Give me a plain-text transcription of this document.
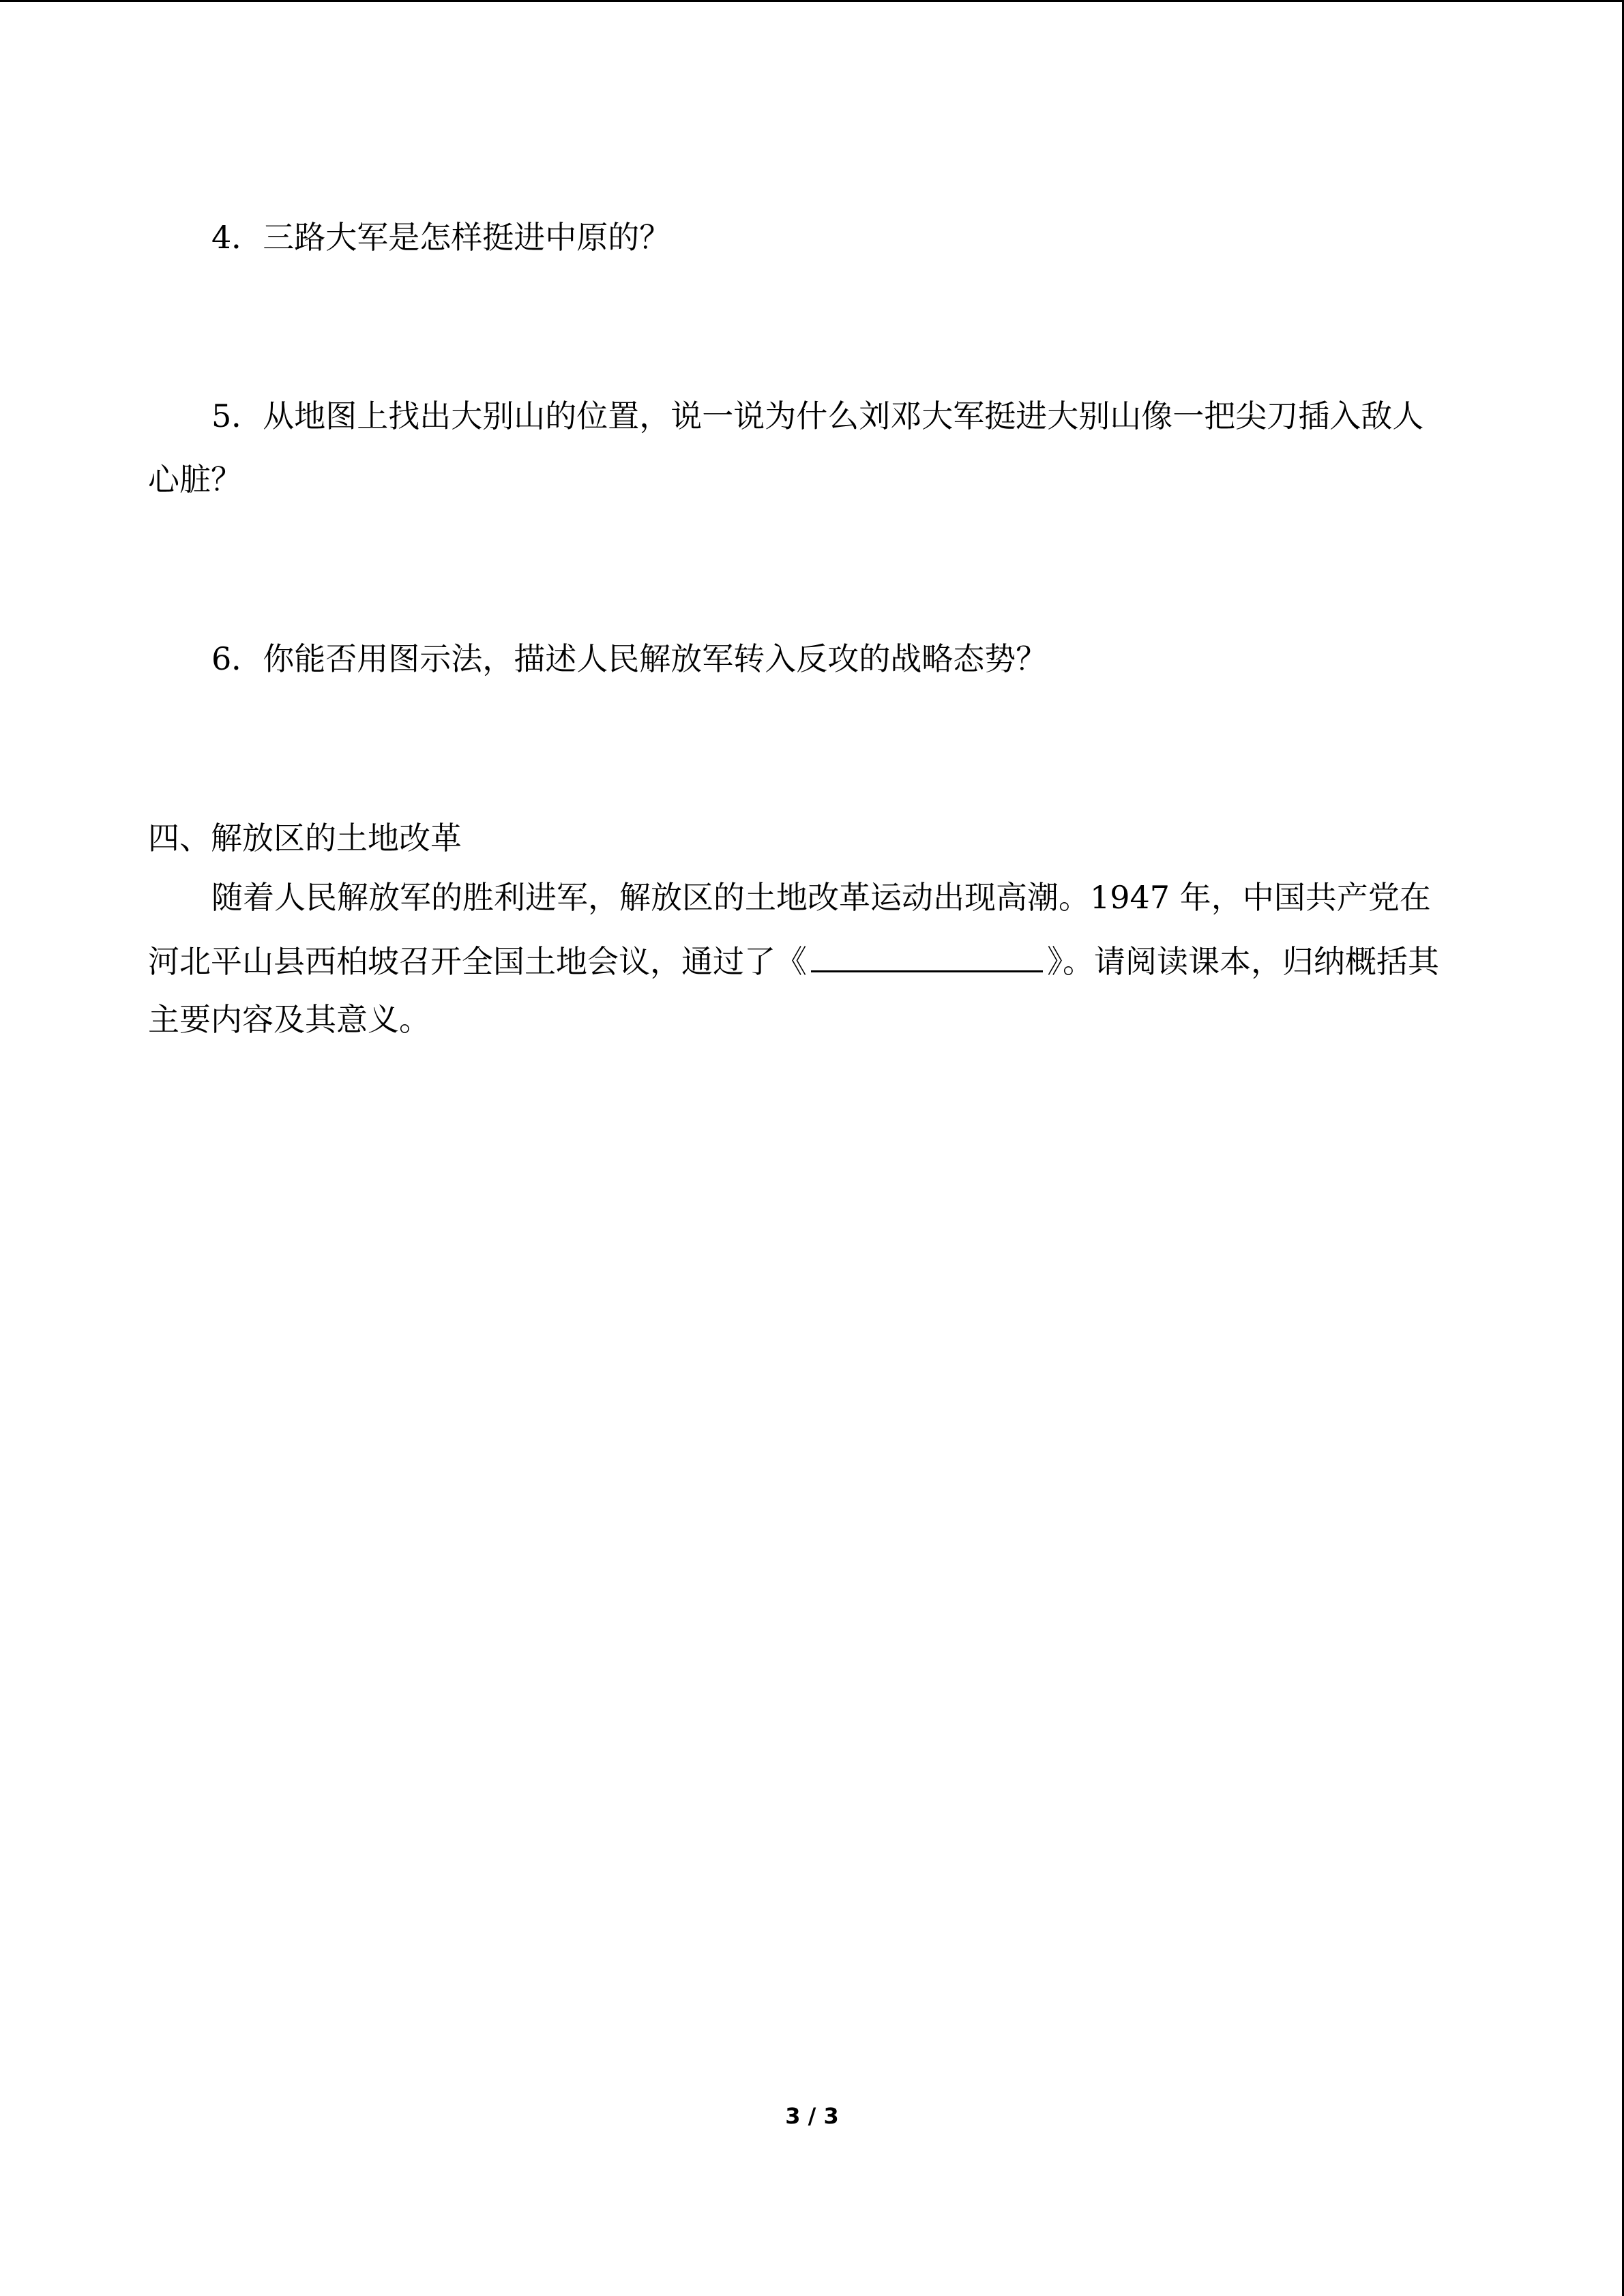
4．三路大军是怎样挺进中原的？
5．从地图上找出大别山的位置，说一说为什么刘邓大军挺进大别山像一把尖刀插入敌人
心脏？
6．你能否用图示法，描述人民解放军转入反攻的战略态势？
四、解放区的土地改革
随着人民解放军的胜利进军，解放区的土地改革运动出现高潮。1947 年，中国共产党在
河北平山县西柏坡召开全国土地会议，通过了《	》。请阅读课本，归纳概括其
主要内容及其意义。
3 / 3
